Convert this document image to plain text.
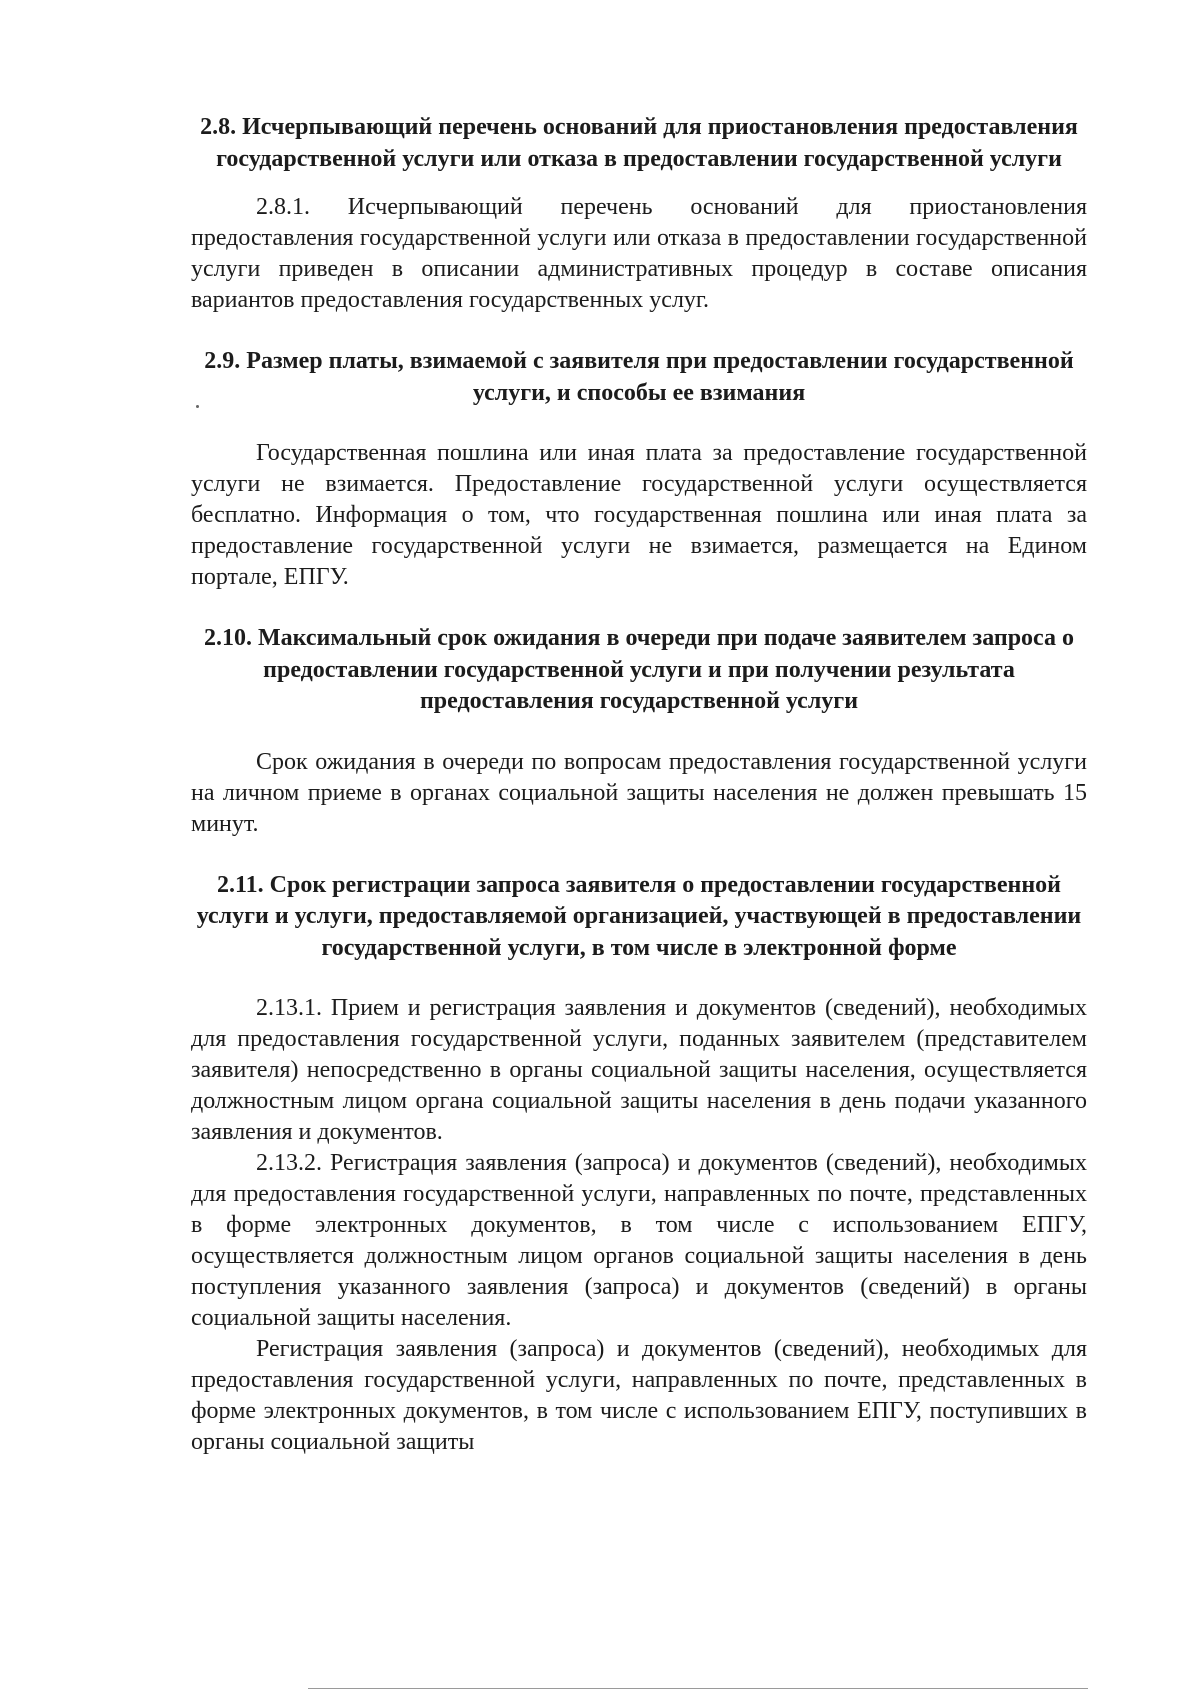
2.8. Исчерпывающий перечень оснований для приостановления предоставления государственной услуги или отказа в предоставлении государственной услуги

2.8.1. Исчерпывающий перечень оснований для приостановления предоставления государственной услуги или отказа в предоставлении государственной услуги приведен в описании административных процедур в составе описания вариантов предоставления государственных услуг.

2.9. Размер платы, взимаемой с заявителя при предоставлении государственной услуги, и способы ее взимания

Государственная пошлина или иная плата за предоставление государственной услуги не взимается. Предоставление государственной услуги осуществляется бесплатно. Информация о том, что государственная пошлина или иная плата за предоставление государственной услуги не взимается, размещается на Едином портале, ЕПГУ.

2.10. Максимальный срок ожидания в очереди при подаче заявителем запроса о предоставлении государственной услуги и при получении результата предоставления государственной услуги

Срок ожидания в очереди по вопросам предоставления государственной услуги на личном приеме в органах социальной защиты населения не должен превышать 15 минут.

2.11. Срок регистрации запроса заявителя о предоставлении государственной услуги и услуги, предоставляемой организацией, участвующей в предоставлении государственной услуги, в том числе в электронной форме

2.13.1. Прием и регистрация заявления и документов (сведений), необходимых для предоставления государственной услуги, поданных заявителем (представителем заявителя) непосредственно в органы социальной защиты населения, осуществляется должностным лицом органа социальной защиты населения в день подачи указанного заявления и документов.

2.13.2. Регистрация заявления (запроса) и документов (сведений), необходимых для предоставления государственной услуги, направленных по почте, представленных в форме электронных документов, в том числе с использованием ЕПГУ, осуществляется должностным лицом органов социальной защиты населения в день поступления указанного заявления (запроса) и документов (сведений) в органы социальной защиты населения.

Регистрация заявления (запроса) и документов (сведений), необходимых для предоставления государственной услуги, направленных по почте, представленных в форме электронных документов, в том числе с использованием ЕПГУ, поступивших в органы социальной защиты
